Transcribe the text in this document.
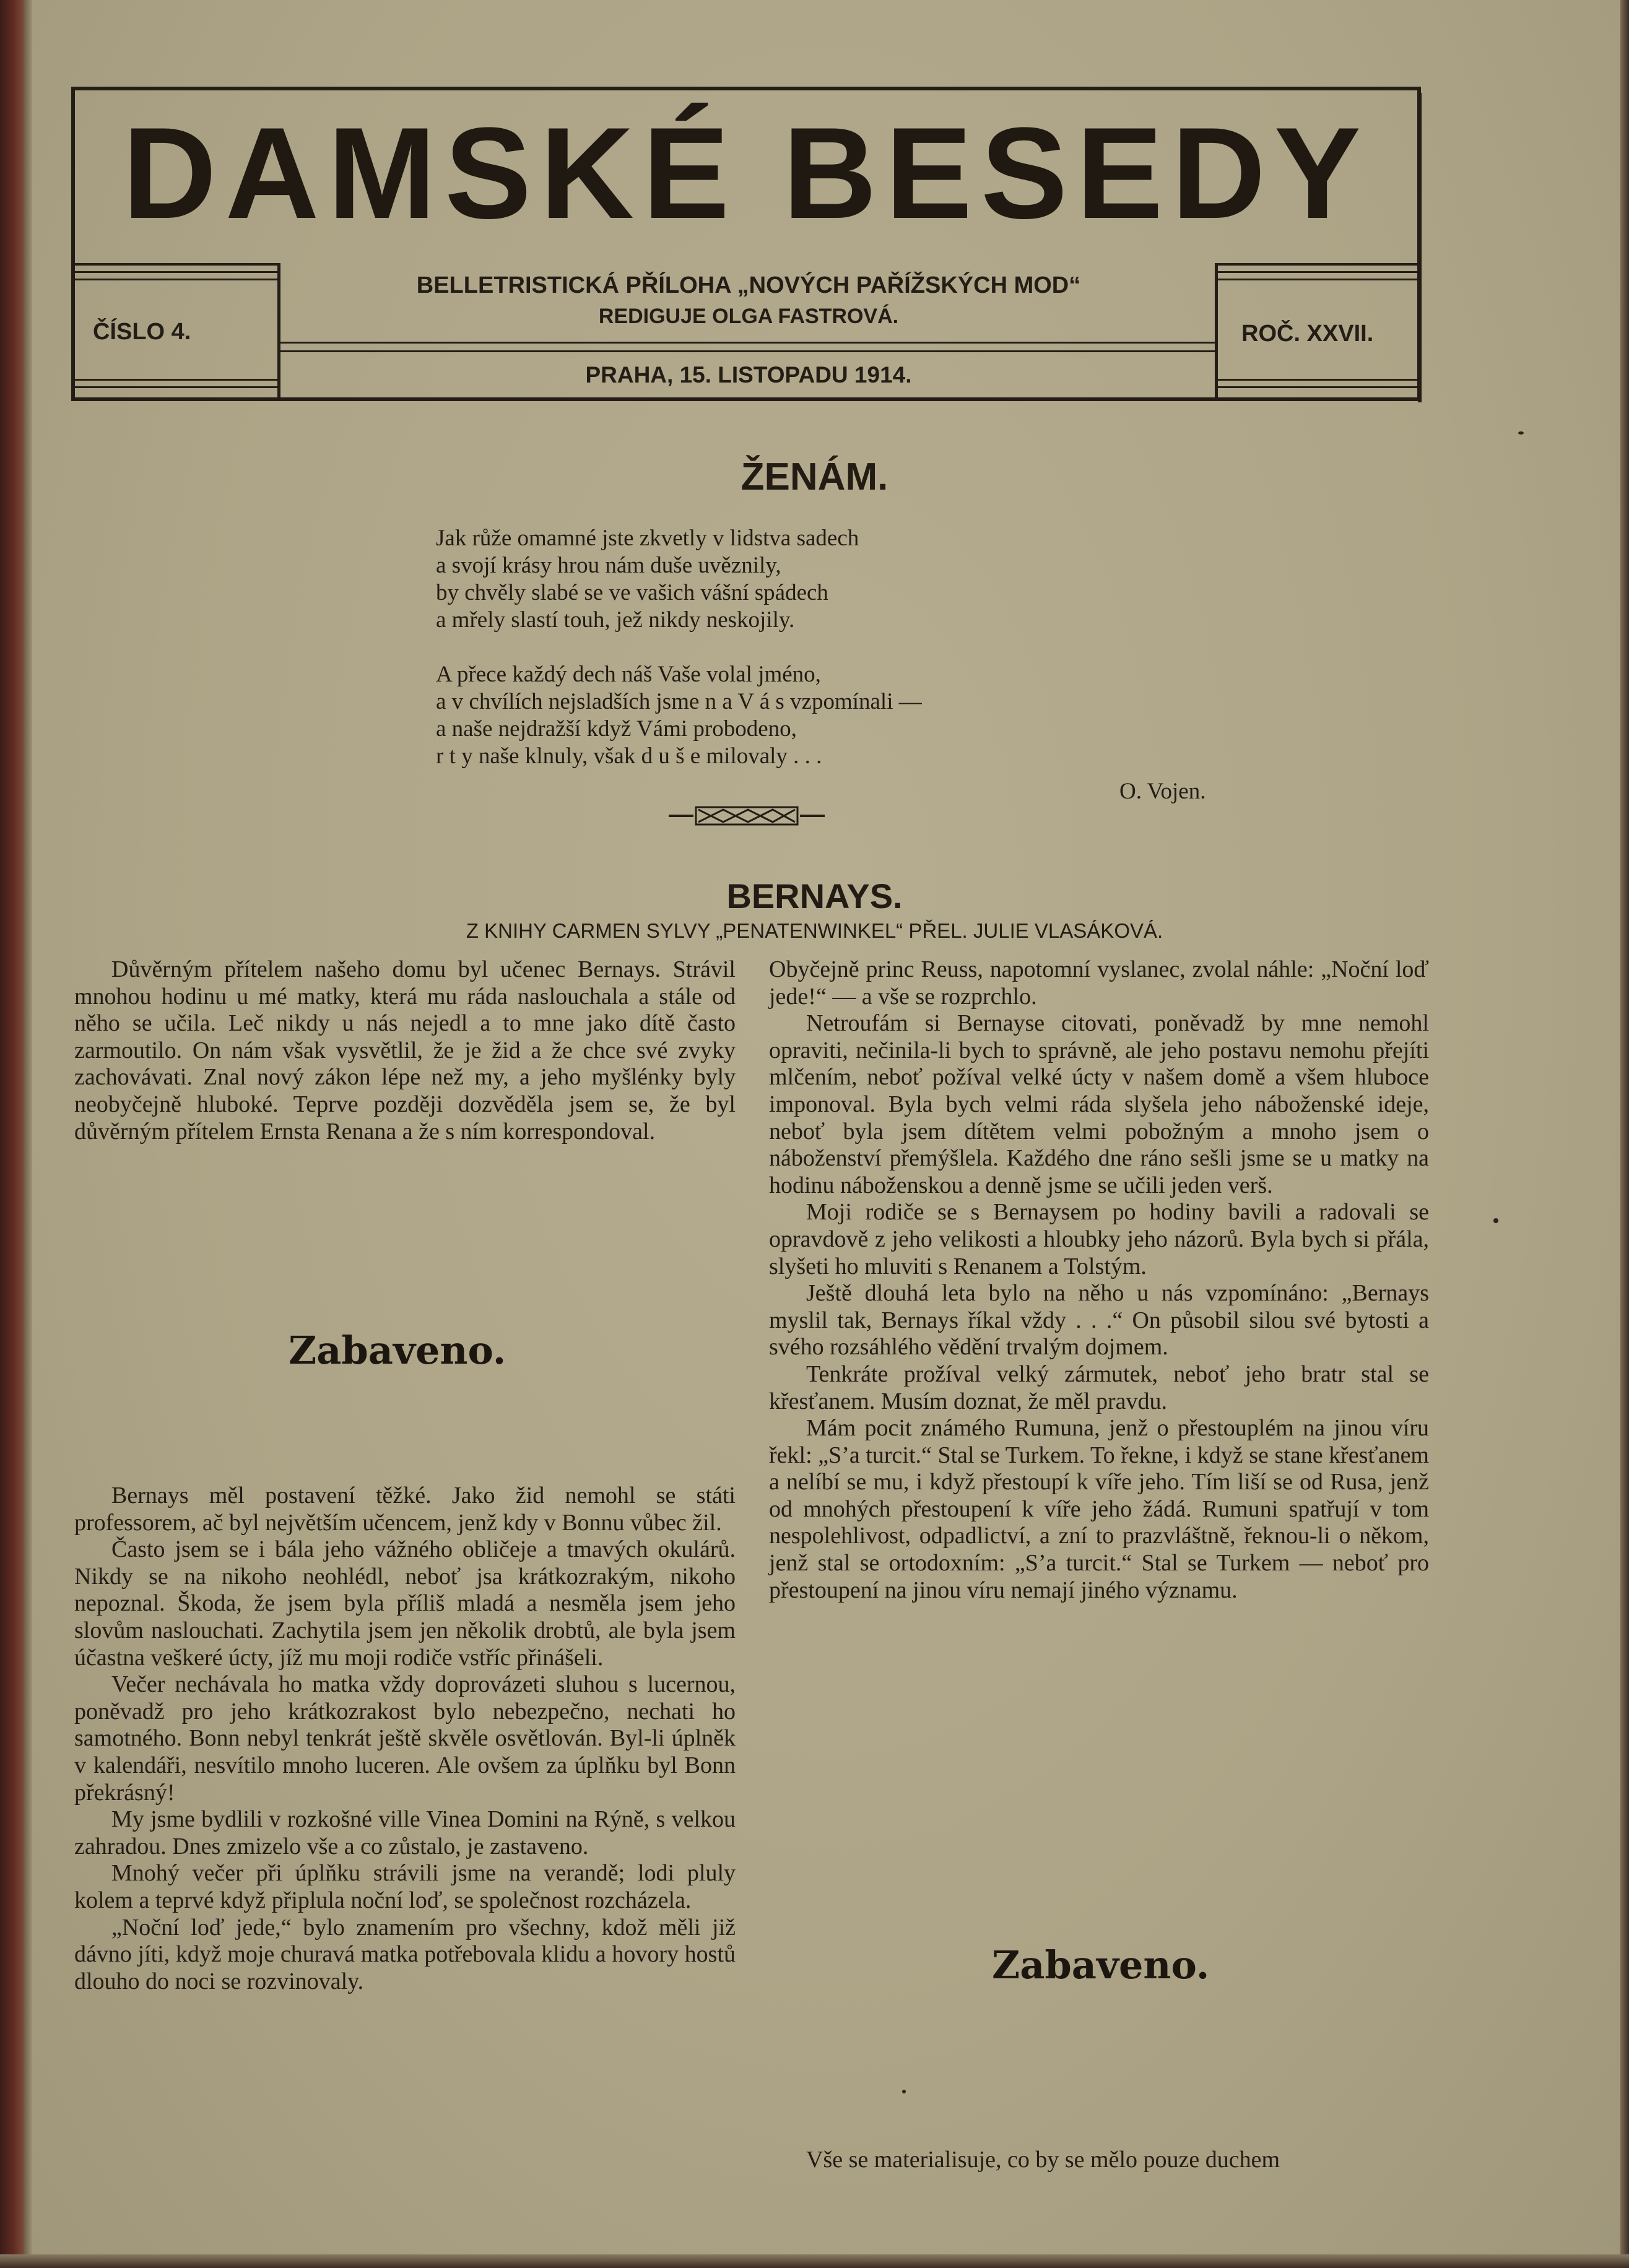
DAMSKÉ BESEDY
ČÍSLO 4.
BELLETRISTICKÁ PŘÍLOHA „NOVÝCH PAŘÍŽSKÝCH MOD“
REDIGUJE OLGA FASTROVÁ.
PRAHA, 15. LISTOPADU 1914.
ROČ. XXVII.
ŽENÁM.
Jak růže omamné jste zkvetly v lidstva sadech
a svojí krásy hrou nám duše uvěznily,
by chvěly slabé se ve vašich vášní spádech
a mřely slastí touh, jež nikdy neskojily.
A přece každý dech náš Vaše volal jméno,
a v chvílích nejsladších jsme n a V á s vzpomínali —
a naše nejdražší když Vámi probodeno,
r t y naše klnuly, však d u š e milovaly . . .
O. Vojen.
BERNAYS.
Z KNIHY CARMEN SYLVY „PENATENWINKEL“ PŘEL. JULIE VLASÁKOVÁ.

Důvěrným přítelem našeho domu byl učenec Bernays. Strávil mnohou hodinu u mé matky, která mu ráda naslouchala a stále od něho se učila. Leč nikdy u nás nejedl a to mne jako dítě často zarmoutilo. On nám však vysvětlil, že je žid a že chce své zvyky zachovávati. Znal nový zákon lépe než my, a jeho myšlénky byly neobyčejně hluboké. Teprve později dozvěděla jsem se, že byl důvěrným přítelem Ernsta Renana a že s ním korrespondoval.

Zabaveno.

Bernays měl postavení těžké. Jako žid nemohl se státi professorem, ač byl největším učencem, jenž kdy v Bonnu vůbec žil.

Často jsem se i bála jeho vážného obličeje a tmavých okulárů. Nikdy se na nikoho neohlédl, neboť jsa krátkozrakým, nikoho nepoznal. Škoda, že jsem byla příliš mladá a nesměla jsem jeho slovům naslouchati. Zachytila jsem jen několik drobtů, ale byla jsem účastna veškeré úcty, jíž mu moji rodiče vstříc přinášeli.

Večer nechávala ho matka vždy doprovázeti sluhou s lucernou, poněvadž pro jeho krátkozrakost bylo nebezpečno, nechati ho samotného. Bonn nebyl tenkrát ještě skvěle osvětlován. Byl-li úplněk v kalendáři, nesvítilo mnoho luceren. Ale ovšem za úplňku byl Bonn překrásný!

My jsme bydlili v rozkošné ville Vinea Domini na Rýně, s velkou zahradou. Dnes zmizelo vše a co zůstalo, je zastaveno.

Mnohý večer při úplňku strávili jsme na verandě; lodi pluly kolem a teprvé když připlula noční loď, se společnost rozcházela.

„Noční loď jede,“ bylo znamením pro všechny, kdož měli již dávno jíti, když moje churavá matka potřebovala klidu a hovory hostů dlouho do noci se rozvinovaly.

Obyčejně princ Reuss, napotomní vyslanec, zvolal náhle: „Noční loď jede!“ — a vše se rozprchlo.

Netroufám si Bernayse citovati, poněvadž by mne nemohl opraviti, nečinila-li bych to správně, ale jeho postavu nemohu přejíti mlčením, neboť požíval velké úcty v našem domě a všem hluboce imponoval. Byla bych velmi ráda slyšela jeho náboženské ideje, neboť byla jsem dítětem velmi pobožným a mnoho jsem o náboženství přemýšlela. Každého dne ráno sešli jsme se u matky na hodinu náboženskou a denně jsme se učili jeden verš.

Moji rodiče se s Bernaysem po hodiny bavili a radovali se opravdově z jeho velikosti a hloubky jeho názorů. Byla bych si přála, slyšeti ho mluviti s Renanem a Tolstým.

Ještě dlouhá leta bylo na něho u nás vzpomínáno: „Bernays myslil tak, Bernays říkal vždy . . .“ On působil silou své bytosti a svého rozsáhlého vědění trvalým dojmem.

Tenkráte prožíval velký zármutek, neboť jeho bratr stal se křesťanem. Musím doznat, že měl pravdu.

Mám pocit známého Rumuna, jenž o přestouplém na jinou víru řekl: „S’a turcit.“ Stal se Turkem. To řekne, i když se stane křesťanem a nelíbí se mu, i když přestoupí k víře jeho. Tím liší se od Rusa, jenž od mnohých přestoupení k víře jeho žádá. Rumuni spatřují v tom nespolehlivost, odpadlictví, a zní to prazvláštně, řeknou-li o někom, jenž stal se ortodoxním: „S’a turcit.“ Stal se Turkem — neboť pro přestoupení na jinou víru nemají jiného významu.

Zabaveno.

Vše se materialisuje, co by se mělo pouze duchem
